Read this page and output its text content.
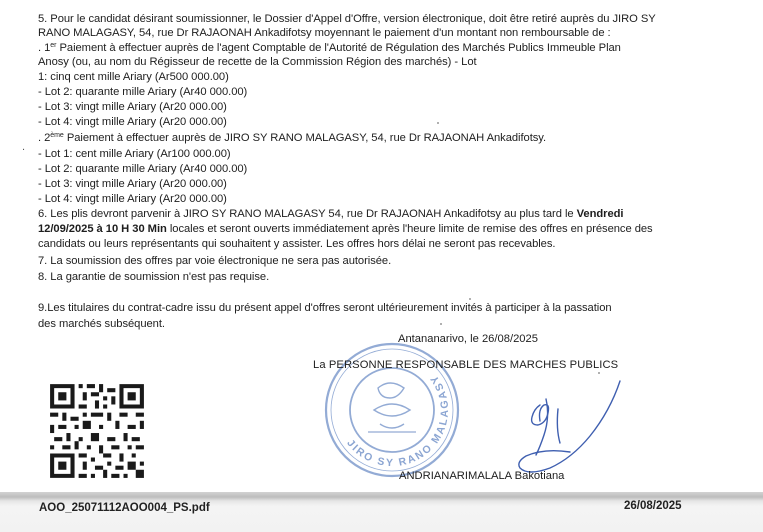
5. Pour le candidat désirant soumissionner, le Dossier d'Appel d'Offre, version électronique, doit être retiré auprès du JIRO SY
RANO MALAGASY, 54, rue Dr RAJAONAH Ankadifotsy moyennant le paiement d'un montant non remboursable de :
. 1er Paiement à effectuer auprès de l'agent Comptable de l'Autorité de Régulation des Marchés Publics Immeuble Plan
Anosy (ou, au nom du Régisseur de recette de la Commission Région des marchés) - Lot
1: cinq cent mille Ariary (Ar500 000.00)
- Lot 2: quarante mille Ariary (Ar40 000.00)
- Lot 3: vingt mille Ariary (Ar20 000.00)
- Lot 4: vingt mille Ariary (Ar20 000.00)
.
. 2ème Paiement à effectuer auprès de JIRO SY RANO MALAGASY, 54, rue Dr RAJAONAH Ankadifotsy.
- Lot 1: cent mille Ariary (Ar100 000.00)
- Lot 2: quarante mille Ariary (Ar40 000.00)
- Lot 3: vingt mille Ariary (Ar20 000.00)
- Lot 4: vingt mille Ariary (Ar20 000.00)
6. Les plis devront parvenir à JIRO SY RANO MALAGASY 54, rue Dr RAJAONAH Ankadifotsy au plus tard le Vendredi
12/09/2025 à 10 H 30 Min locales et seront ouverts immédiatement après l'heure limite de remise des offres en présence des
candidats ou leurs représentants qui souhaitent y assister. Les offres hors délai ne seront pas recevables.
7. La soumission des offres par voie électronique ne sera pas autorisée.
8. La garantie de soumission n'est pas requise.
9.Les titulaires du contrat-cadre issu du présent appel d'offres seront ultérieurement invités à participer à la passation
des marchés subséquent.
JIRO SY RANO MALAGASY
Antananarivo, le 26/08/2025
La PERSONNE RESPONSABLE DES MARCHES PUBLICS
ANDRIANARIMALALA Bakotiana
AOO_25071112AOO004_PS.pdf	26/08/2025
